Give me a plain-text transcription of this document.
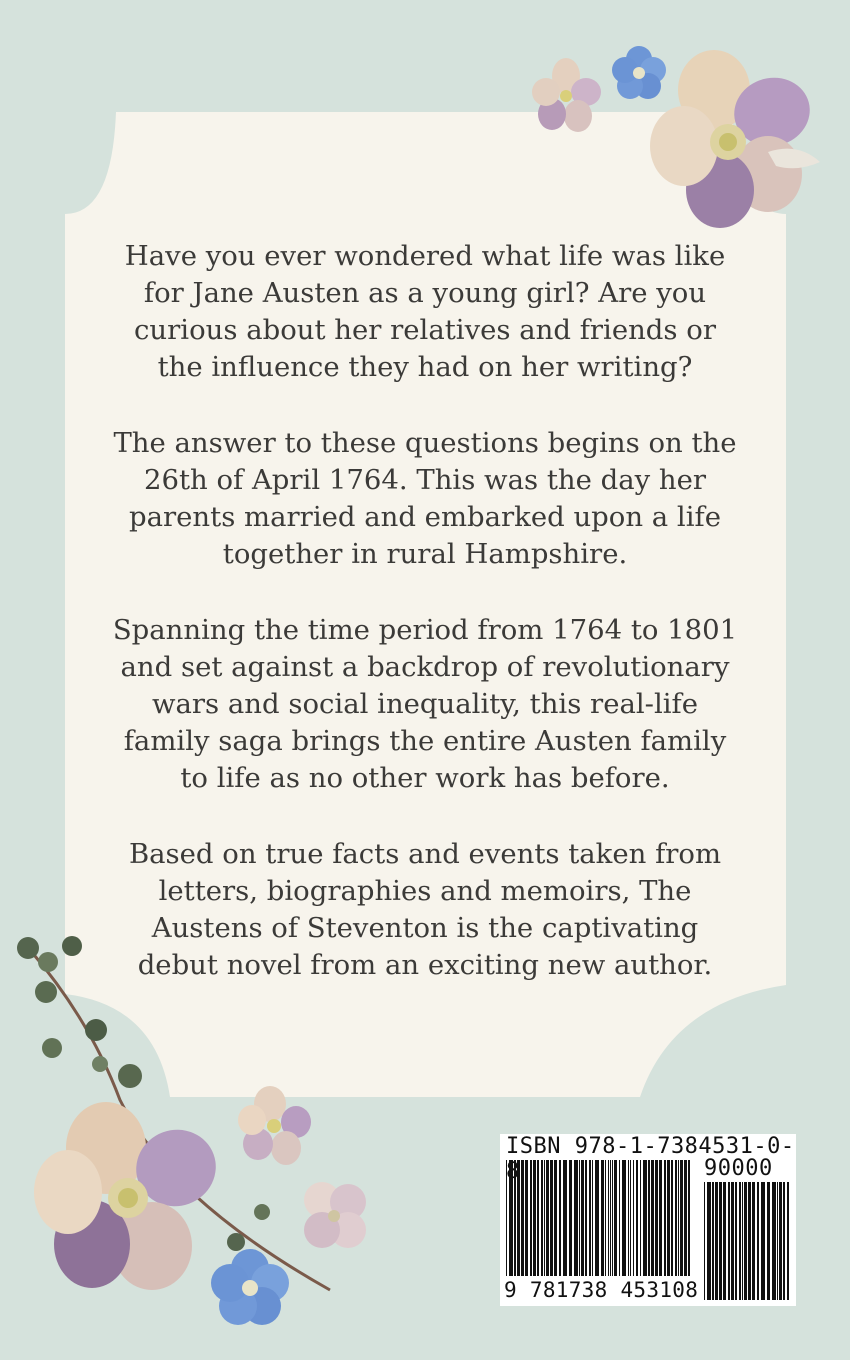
Have you ever wondered what life was like for Jane Austen as a young girl? Are you curious about her relatives and friends or the influence they had on her writing?

The answer to these questions begins on the 26th of April 1764. This was the day her parents married and embarked upon a life together in rural Hampshire.

Spanning the time period from 1764 to 1801 and set against a backdrop of revolutionary wars and social inequality, this real-life family saga brings the entire Austen family to life as no other work has before.

Based on true facts and events taken from letters, biographies and memoirs, The Austens of Steventon is the captivating debut novel from an exciting new author.

ISBN 978-1-7384531-0-8	90000
9 781738 453108
